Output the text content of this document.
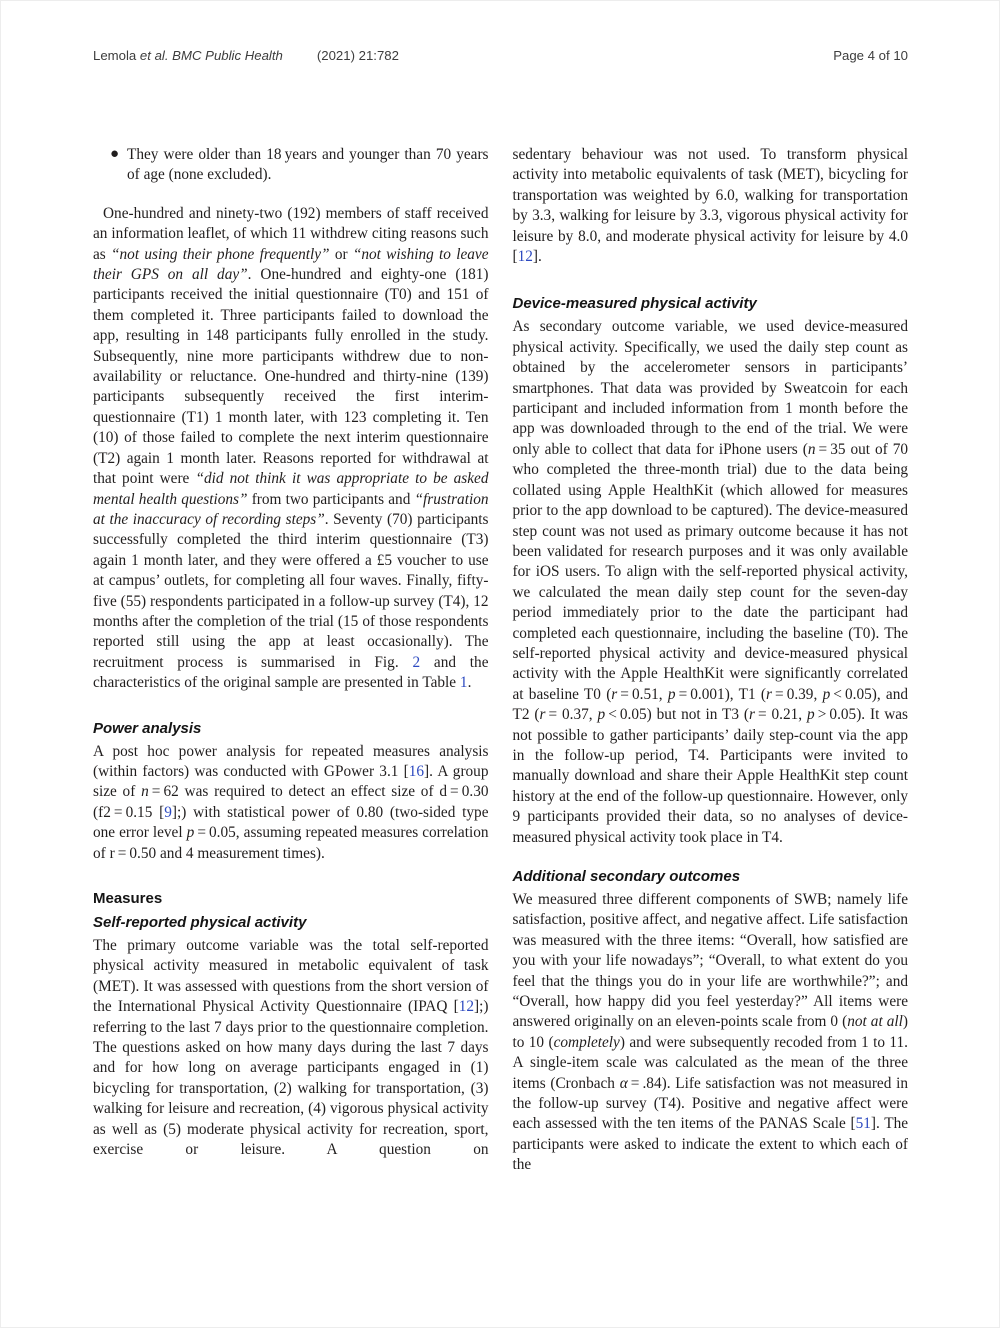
Lemola et al. BMC Public Health	(2021) 21:782	Page 4 of 10
● They were older than 18 years and younger than 70 years of age (none excluded).

One-hundred and ninety-two (192) members of staff received an information leaflet, of which 11 withdrew citing reasons such as “not using their phone frequently” or “not wishing to leave their GPS on all day”. One-hundred and eighty-one (181) participants received the initial questionnaire (T0) and 151 of them completed it. Three participants failed to download the app, resulting in 148 participants fully enrolled in the study. Subsequently, nine more participants withdrew due to non-availability or reluctance. One-hundred and thirty-nine (139) participants subsequently received the first interim-questionnaire (T1) 1 month later, with 123 completing it. Ten (10) of those failed to complete the next interim questionnaire (T2) again 1 month later. Reasons reported for withdrawal at that point were “did not think it was appropriate to be asked mental health questions” from two participants and “frustration at the inaccuracy of recording steps”. Seventy (70) participants successfully completed the third interim questionnaire (T3) again 1 month later, and they were offered a £5 voucher to use at campus’ outlets, for completing all four waves. Finally, fifty-five (55) respondents participated in a follow-up survey (T4), 12 months after the completion of the trial (15 of those respondents reported still using the app at least occasionally). The recruitment process is summarised in Fig. 2 and the characteristics of the original sample are presented in Table 1.

Power analysis

A post hoc power analysis for repeated measures analysis (within factors) was conducted with GPower 3.1 [16]. A group size of n = 62 was required to detect an effect size of d = 0.30 (f2 = 0.15 [9];) with statistical power of 0.80 (two-sided type one error level p = 0.05, assuming repeated measures correlation of r = 0.50 and 4 measurement times).

Measures
Self-reported physical activity

The primary outcome variable was the total self-reported physical activity measured in metabolic equivalent of task (MET). It was assessed with questions from the short version of the International Physical Activity Questionnaire (IPAQ [12];) referring to the last 7 days prior to the questionnaire completion. The questions asked on how many days during the last 7 days and for how long on average participants engaged in (1) bicycling for transportation, (2) walking for transportation, (3) walking for leisure and recreation, (4) vigorous physical activity as well as (5) moderate physical activity for recreation, sport, exercise or leisure. A question on

sedentary behaviour was not used. To transform physical activity into metabolic equivalents of task (MET), bicycling for transportation was weighted by 6.0, walking for transportation by 3.3, walking for leisure by 3.3, vigorous physical activity for leisure by 8.0, and moderate physical activity for leisure by 4.0 [12].

Device-measured physical activity

As secondary outcome variable, we used device-measured physical activity. Specifically, we used the daily step count as obtained by the accelerometer sensors in participants’ smartphones. That data was provided by Sweatcoin for each participant and included information from 1 month before the app was downloaded through to the end of the trial. We were only able to collect that data for iPhone users (n = 35 out of 70 who completed the three-month trial) due to the data being collated using Apple HealthKit (which allowed for measures prior to the app download to be captured). The device-measured step count was not used as primary outcome because it has not been validated for research purposes and it was only available for iOS users. To align with the self-reported physical activity, we calculated the mean daily step count for the seven-day period immediately prior to the date the participant had completed each questionnaire, including the baseline (T0). The self-reported physical activity and device-measured physical activity with the Apple HealthKit were significantly correlated at baseline T0 (r = 0.51, p = 0.001), T1 (r = 0.39, p < 0.05), and T2 (r = 0.37, p < 0.05) but not in T3 (r = 0.21, p > 0.05). It was not possible to gather participants’ daily step-count via the app in the follow-up period, T4. Participants were invited to manually download and share their Apple HealthKit step count history at the end of the follow-up questionnaire. However, only 9 participants provided their data, so no analyses of device-measured physical activity took place in T4.

Additional secondary outcomes

We measured three different components of SWB; namely life satisfaction, positive affect, and negative affect. Life satisfaction was measured with the three items: “Overall, how satisfied are you with your life nowadays”; “Overall, to what extent do you feel that the things you do in your life are worthwhile?”; and “Overall, how happy did you feel yesterday?” All items were answered originally on an eleven-points scale from 0 (not at all) to 10 (completely) and were subsequently recoded from 1 to 11. A single-item scale was calculated as the mean of the three items (Cronbach α = .84). Life satisfaction was not measured in the follow-up survey (T4). Positive and negative affect were each assessed with the ten items of the PANAS Scale [51]. The participants were asked to indicate the extent to which each of the
